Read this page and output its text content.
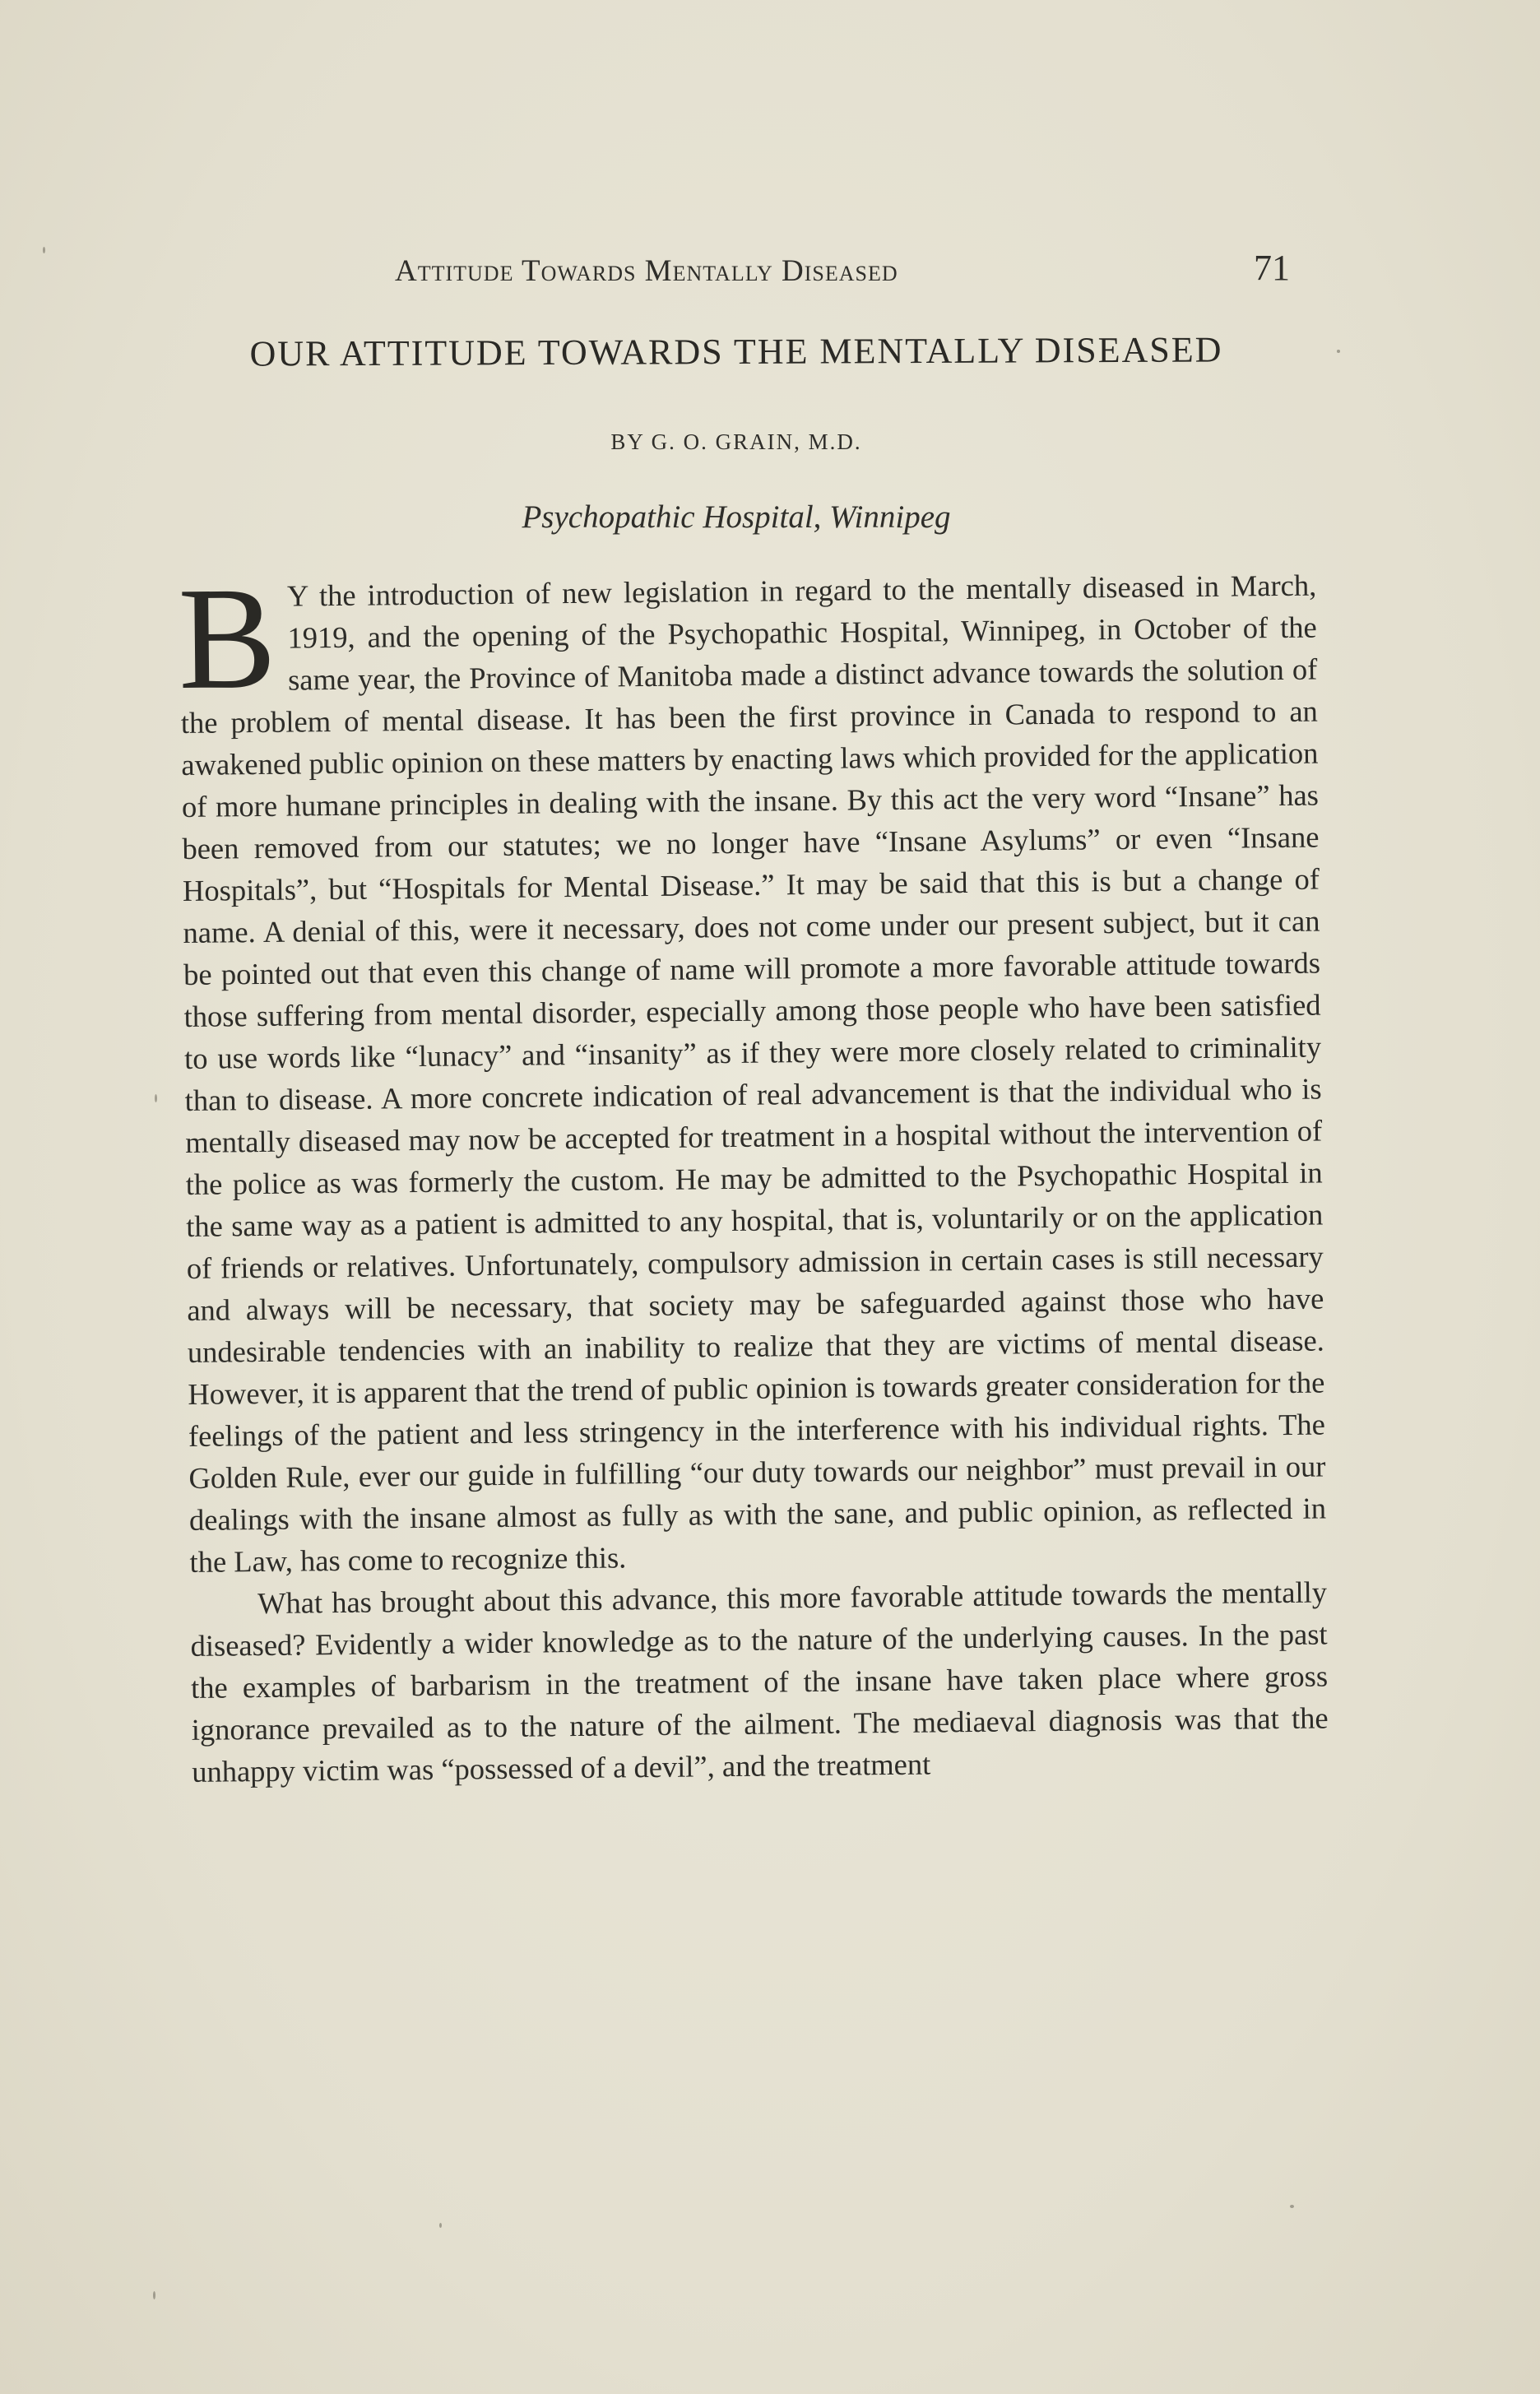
Attitude Towards Mentally Diseased	71
OUR ATTITUDE TOWARDS THE MENTALLY DISEASED
BY G. O. GRAIN, M.D.
Psychopathic Hospital, Winnipeg

B Y the introduction of new legislation in regard to the mentally diseased in March, 1919, and the opening of the Psychopathic Hospital, Winnipeg, in October of the same year, the Province of Manitoba made a distinct advance towards the solution of the problem of mental disease. It has been the first province in Canada to respond to an awakened public opinion on these matters by enacting laws which provided for the application of more humane principles in dealing with the insane. By this act the very word “Insane” has been removed from our statutes; we no longer have “Insane Asylums” or even “Insane Hospitals”, but “Hospitals for Mental Disease.” It may be said that this is but a change of name. A denial of this, were it necessary, does not come under our present subject, but it can be pointed out that even this change of name will promote a more favorable attitude towards those suffering from mental disorder, especially among those people who have been satisfied to use words like “lunacy” and “insanity” as if they were more closely related to criminality than to disease. A more concrete indication of real advancement is that the individual who is mentally diseased may now be accepted for treatment in a hospital without the intervention of the police as was formerly the custom. He may be admitted to the Psychopathic Hospital in the same way as a patient is admitted to any hospital, that is, voluntarily or on the application of friends or relatives. Unfortunately, compulsory admission in certain cases is still necessary and always will be necessary, that society may be safeguarded against those who have undesirable tendencies with an inability to realize that they are victims of mental disease. However, it is apparent that the trend of public opinion is towards greater consideration for the feelings of the patient and less stringency in the interference with his individual rights. The Golden Rule, ever our guide in fulfilling “our duty towards our neighbor” must prevail in our dealings with the insane almost as fully as with the sane, and public opinion, as reflected in the Law, has come to recognize this.

What has brought about this advance, this more favorable attitude towards the mentally diseased? Evidently a wider knowledge as to the nature of the underlying causes. In the past the examples of barbarism in the treatment of the insane have taken place where gross ignorance prevailed as to the nature of the ailment. The mediaeval diagnosis was that the unhappy victim was “possessed of a devil”, and the treatment
